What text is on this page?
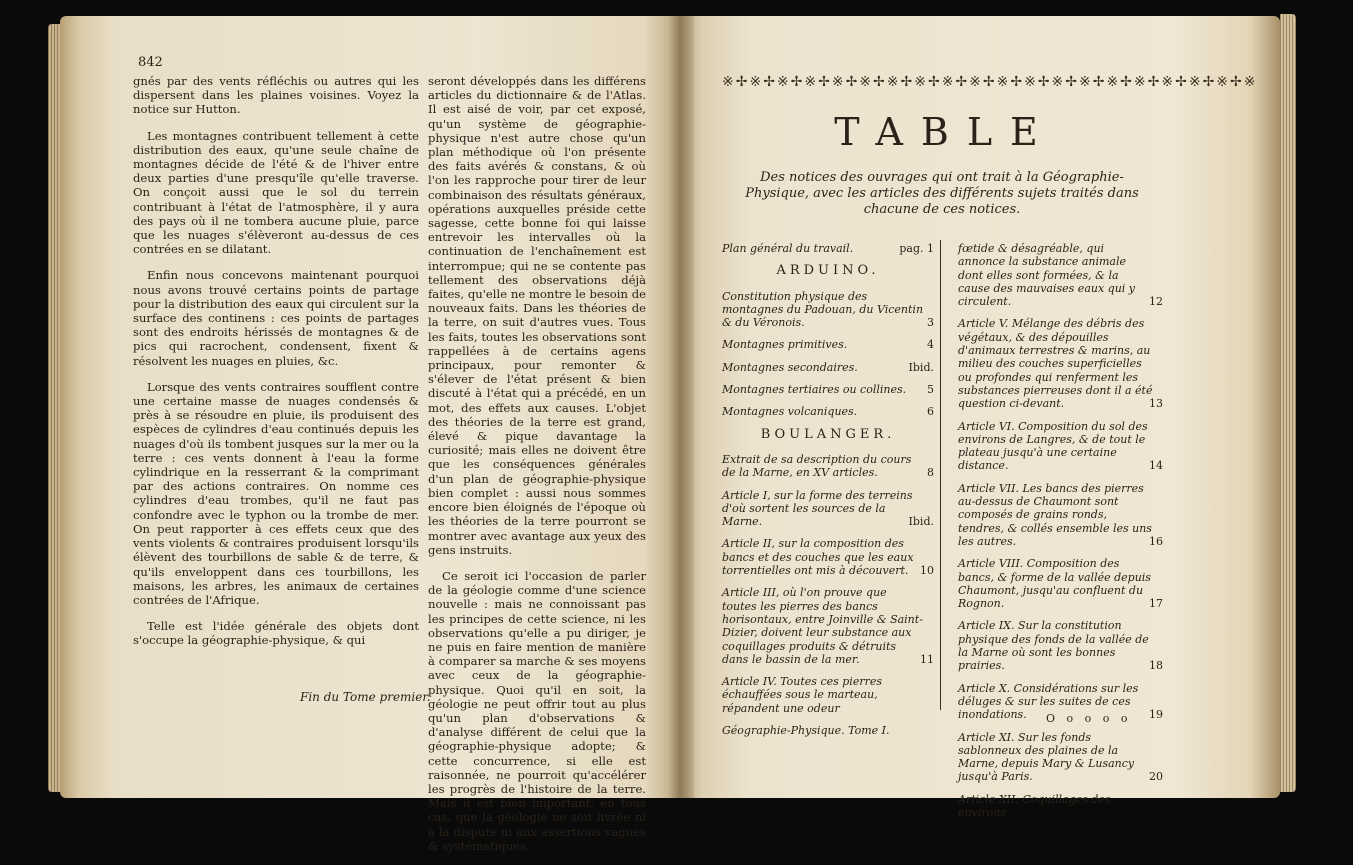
842

gnés par des vents réfléchis ou autres qui les dispersent dans les plaines voisines. Voyez la notice sur Hutton.

Les montagnes contribuent tellement à cette distribution des eaux, qu'une seule chaîne de montagnes décide de l'été & de l'hiver entre deux parties d'une presqu'île qu'elle traverse. On conçoit aussi que le sol du terrein contribuant à l'état de l'atmosphère, il y aura des pays où il ne tombera aucune pluie, parce que les nuages s'élèveront au-dessus de ces contrées en se dilatant.

Enfin nous concevons maintenant pourquoi nous avons trouvé certains points de partage pour la distribution des eaux qui circulent sur la surface des continens : ces points de partages sont des endroits hérissés de montagnes & de pics qui racrochent, condensent, fixent & résolvent les nuages en pluies, &c.

Lorsque des vents contraires soufflent contre une certaine masse de nuages condensés & près à se résoudre en pluie, ils produisent des espèces de cylindres d'eau continués depuis les nuages d'où ils tombent jusques sur la mer ou la terre : ces vents donnent à l'eau la forme cylindrique en la resserrant & la comprimant par des actions contraires. On nomme ces cylindres d'eau trombes, qu'il ne faut pas confondre avec le typhon ou la trombe de mer. On peut rapporter à ces effets ceux que des vents violents & contraires produisent lorsqu'ils élèvent des tourbillons de sable & de terre, & qu'ils enveloppent dans ces tourbillons, les maisons, les arbres, les animaux de certaines contrées de l'Afrique.

Telle est l'idée générale des objets dont s'occupe la géographie-physique, & qui

seront développés dans les différens articles du dictionnaire & de l'Atlas. Il est aisé de voir, par cet exposé, qu'un système de géographie-physique n'est autre chose qu'un plan méthodique où l'on présente des faits avérés & constans, & où l'on les rapproche pour tirer de leur combinaison des résultats généraux, opérations auxquelles préside cette sagesse, cette bonne foi qui laisse entrevoir les intervalles où la continuation de l'enchaînement est interrompue; qui ne se contente pas tellement des observations déjà faites, qu'elle ne montre le besoin de nouveaux faits. Dans les théories de la terre, on suit d'autres vues. Tous les faits, toutes les observations sont rappellées à de certains agens principaux, pour remonter & s'élever de l'état présent & bien discuté à l'état qui a précédé, en un mot, des effets aux causes. L'objet des théories de la terre est grand, élevé & pique davantage la curiosité; mais elles ne doivent être que les conséquences générales d'un plan de géographie-physique bien complet : aussi nous sommes encore bien éloignés de l'époque où les théories de la terre pourront se montrer avec avantage aux yeux des gens instruits.

Ce seroit ici l'occasion de parler de la géologie comme d'une science nouvelle : mais ne connoissant pas les principes de cette science, ni les observations qu'elle a pu diriger, je ne puis en faire mention de manière à comparer sa marche & ses moyens avec ceux de la géographie-physique. Quoi qu'il en soit, la géologie ne peut offrir tout au plus qu'un plan d'observations & d'analyse différent de celui que la géographie-physique adopte; & cette concurrence, si elle est raisonnée, ne pourroit qu'accélérer les progrès de l'histoire de la terre. Mais il est bien important, en tous cas, que la géologie ne soit livrée ni à la dispute ni aux assertions vagues & systématiques.

Fin du Tome premier.
※✢※✢※✢※✢※✢※✢※✢※✢※✢※✢※✢※✢※✢※✢※✢※✢※✢※✢※✢※
TABLE
Des notices des ouvrages qui ont trait à la Géographie-Physique, avec les articles des différents sujets traités dans chacune de ces notices.
Plan général du travail.	pag. 1
ARDUINO.
Constitution physique des montagnes du Padouan, du Vicentin & du Véronois.	3
Montagnes primitives.	4
Montagnes secondaires.	Ibid.
Montagnes tertiaires ou collines. 5
Montagnes volcaniques.	6
BOULANGER.
Extrait de sa description du cours de la Marne, en XV articles.	8
Article I, sur la forme des terreins d'où sortent les sources de la Marne.	Ibid.
Article II, sur la composition des bancs et des couches que les eaux torrentielles ont mis à découvert. 10
Article III, où l'on prouve que toutes les pierres des bancs horisontaux, entre Joinville & Saint-Dizier, doivent leur substance aux coquillages produits & détruits dans le bassin de la mer.	11
Article IV. Toutes ces pierres échauffées sous le marteau, répandent une odeur
Géographie-Physique. Tome I.
fœtide & désagréable, qui annonce la substance animale dont elles sont formées, & la cause des mauvaises eaux qui y circulent.	12
Article V. Mélange des débris des végétaux, & des dépouilles d'animaux terrestres & marins, au milieu des couches superficielles ou profondes qui renferment les substances pierreuses dont il a été question ci-devant.	13
Article VI. Composition du sol des environs de Langres, & de tout le plateau jusqu'à une certaine distance.	14
Article VII. Les bancs des pierres au-dessus de Chaumont sont composés de grains ronds, tendres, & collés ensemble les uns les autres.	16
Article VIII. Composition des bancs, & forme de la vallée depuis Chaumont, jusqu'au confluent du Rognon.	17
Article IX. Sur la constitution physique des fonds de la vallée de la Marne où sont les bonnes prairies.	18
Article X. Considérations sur les déluges & sur les suites de ces inondations.	19
Article XI. Sur les fonds sablonneux des plaines de la Marne, depuis Mary & Lusancy jusqu'à Paris.	20
Article XII. Coquillages des environs
O o o o o
